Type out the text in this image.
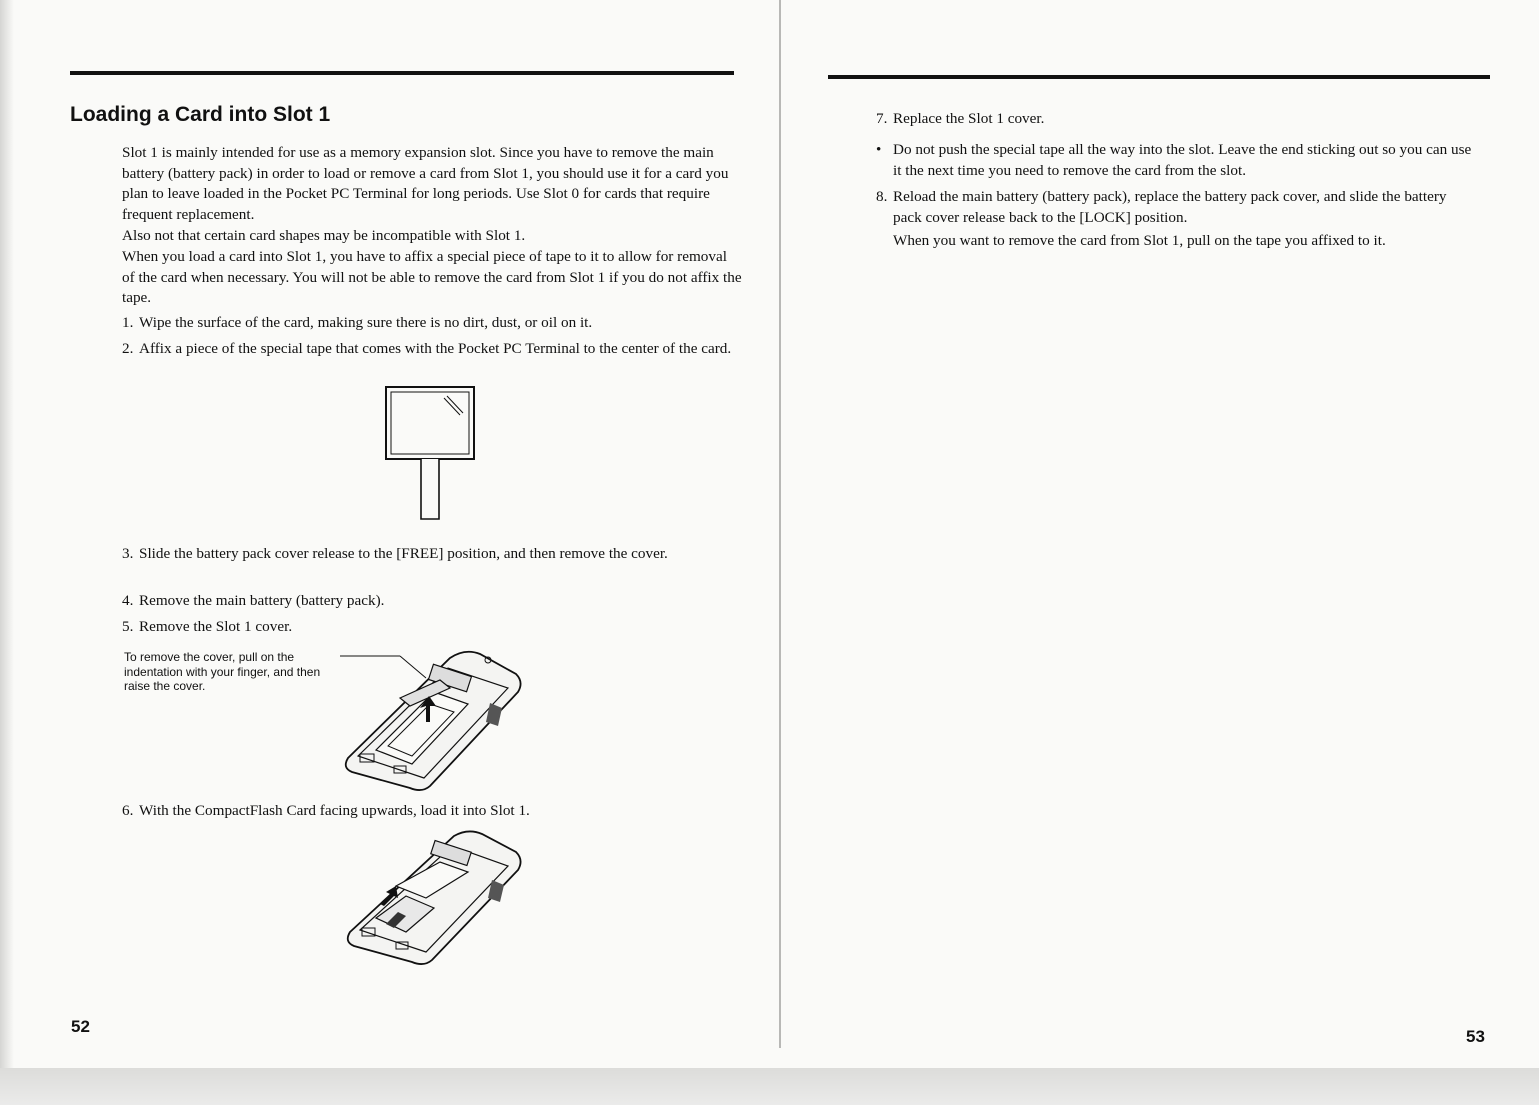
Loading a Card into Slot 1

Slot 1 is mainly intended for use as a memory expansion slot. Since you have to remove the main battery (battery pack) in order to load or remove a card from Slot 1, you should use it for a card you plan to leave loaded in the Pocket PC Terminal for long periods. Use Slot 0 for cards that require frequent replacement.

Also not that certain card shapes may be incompatible with Slot 1.

When you load a card into Slot 1, you have to affix a special piece of tape to it to allow for removal of the card when necessary. You will not be able to remove the card from Slot 1 if you do not affix the tape.

1. Wipe the surface of the card, making sure there is no dirt, dust, or oil on it.
2. Affix a piece of the special tape that comes with the Pocket PC Terminal to the center of the card.
3. Slide the battery pack cover release to the [FREE] position, and then remove the cover.
4. Remove the main battery (battery pack).
5. Remove the Slot 1 cover.

To remove the cover, pull on the indentation with your finger, and then raise the cover.

6. With the CompactFlash Card facing upwards, load it into Slot 1.
52
7. Replace the Slot 1 cover.
• Do not push the special tape all the way into the slot. Leave the end sticking out so you can use it the next time you need to remove the card from the slot.
8. Reload the main battery (battery pack), replace the battery pack cover, and slide the battery pack cover release back to the [LOCK] position.

When you want to remove the card from Slot 1, pull on the tape you affixed to it.

53
